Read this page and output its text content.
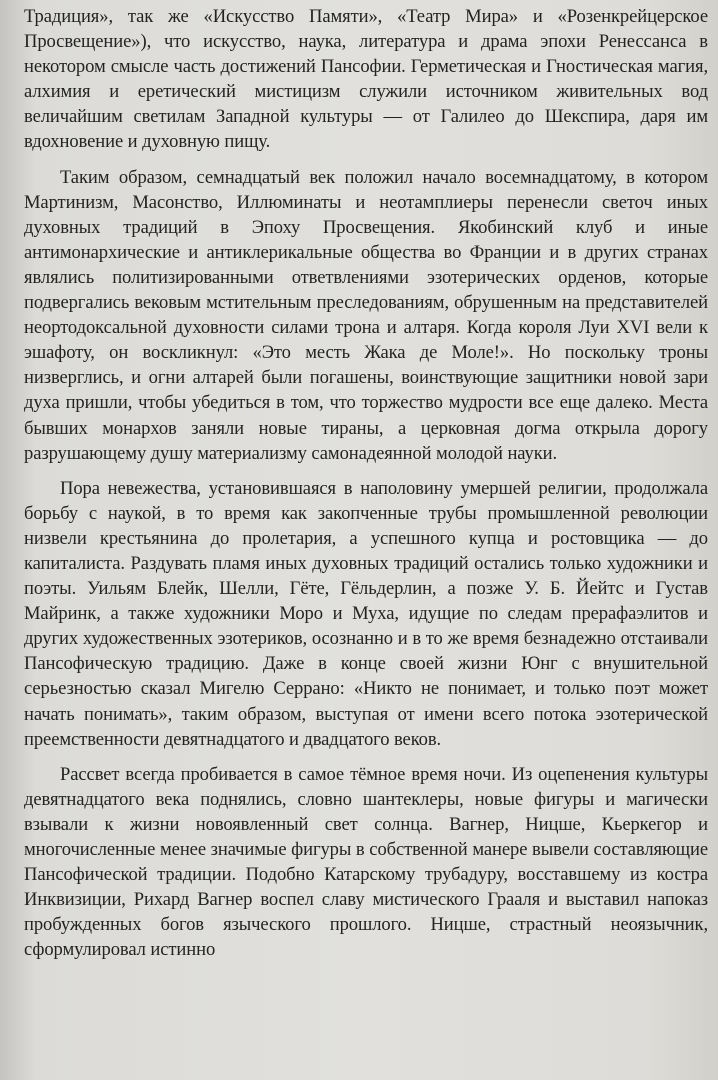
Традиция», так же «Искусство Памяти», «Театр Мира» и «Розенкрейцерское Просвещение»), что искусство, наука, литература и драма эпохи Ренессанса в некотором смысле часть достижений Пансофии. Герметическая и Гностическая магия, алхимия и еретический мистицизм служили источником живительных вод величайшим светилам Западной культуры — от Галилео до Шекспира, даря им вдохновение и духовную пищу.

Таким образом, семнадцатый век положил начало восемнадцатому, в котором Мартинизм, Масонство, Иллюминаты и неотамплиеры перенесли светоч иных духовных традиций в Эпоху Просвещения. Якобинский клуб и иные антимонархические и антиклерикальные общества во Франции и в других странах являлись политизированными ответвлениями эзотерических орденов, которые подвергались вековым мстительным преследованиям, обрушенным на представителей неортодоксальной духовности силами трона и алтаря. Когда короля Луи XVI вели к эшафоту, он воскликнул: «Это месть Жака де Моле!». Но поскольку троны низверглись, и огни алтарей были погашены, воинствующие защитники новой зари духа пришли, чтобы убедиться в том, что торжество мудрости все еще далеко. Места бывших монархов заняли новые тираны, а церковная догма открыла дорогу разрушающему душу материализму самонадеянной молодой науки.

Пора невежества, установившаяся в наполовину умершей религии, продолжала борьбу с наукой, в то время как закопченные трубы промышленной революции низвели крестьянина до пролетария, а успешного купца и ростовщика — до капиталиста. Раздувать пламя иных духовных традиций остались только художники и поэты. Уильям Блейк, Шелли, Гёте, Гёльдерлин, а позже У. Б. Йейтс и Густав Майринк, а также художники Моро и Муха, идущие по следам прерафаэлитов и других художественных эзотериков, осознанно и в то же время безнадежно отстаивали Пансофическую традицию. Даже в конце своей жизни Юнг с внушительной серьезностью сказал Мигелю Серрано: «Никто не понимает, и только поэт может начать понимать», таким образом, выступая от имени всего потока эзотерической преемственности девятнадцатого и двадцатого веков.

Рассвет всегда пробивается в самое тёмное время ночи. Из оцепенения культуры девятнадцатого века поднялись, словно шантеклеры, новые фигуры и магически взывали к жизни новоявленный свет солнца. Вагнер, Ницше, Кьеркегор и многочисленные менее значимые фигуры в собственной манере вывели составляющие Пансофической традиции. Подобно Катарскому трубадуру, восставшему из костра Инквизиции, Рихард Вагнер воспел славу мистического Грааля и выставил напоказ пробужденных богов языческого прошлого. Ницше, страстный неоязычник, сформулировал истинно
